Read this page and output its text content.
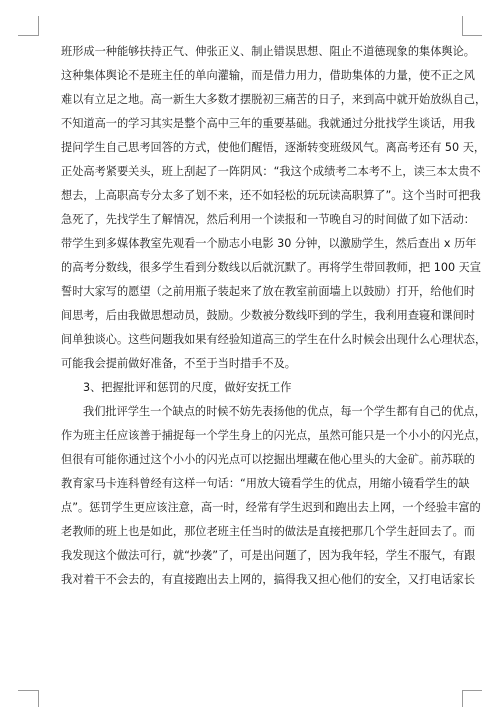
班形成一种能够扶持正气、伸张正义、制止错误思想、阻止不道德现象的集体舆论。
这种集体舆论不是班主任的单向灌输，而是借力用力，借助集体的力量，使不正之风
难以有立足之地。高一新生大多数才摆脱初三痛苦的日子，来到高中就开始放纵自己，
不知道高一的学习其实是整个高中三年的重要基础。我就通过分批找学生谈话，用我
提问学生自己思考回答的方式，使他们醒悟，逐渐转变班级风气。离高考还有 50 天，
正处高考紧要关头，班上刮起了一阵阴风：“我这个成绩考二本考不上，读三本太贵不
想去，上高职高专分太多了划不来，还不如轻松的玩玩读高职算了”。这个当时可把我
急死了，先找学生了解情况，然后利用一个读报和一节晚自习的时间做了如下活动：
带学生到多媒体教室先观看一个励志小电影 30 分钟，以激励学生，然后查出 x 历年
的高考分数线，很多学生看到分数线以后就沉默了。再将学生带回教师，把 100 天宣
誓时大家写的愿望（之前用瓶子装起来了放在教室前面墙上以鼓励）打开，给他们时
间思考，后由我做思想动员，鼓励。少数被分数线吓到的学生，我利用查寝和课间时
间单独谈心。这些问题我如果有经验知道高三的学生在什么时候会出现什么心理状态，
可能我会提前做好准备，不至于当时措手不及。
3、把握批评和惩罚的尺度，做好安抚工作
我们批评学生一个缺点的时候不妨先表扬他的优点，每一个学生都有自己的优点，
作为班主任应该善于捕捉每一个学生身上的闪光点，虽然可能只是一个小小的闪光点，
但很有可能你通过这个小小的闪光点可以挖掘出埋藏在他心里头的大金矿。前苏联的
教育家马卡连科曾经有这样一句话：“用放大镜看学生的优点，用缩小镜看学生的缺
点”。惩罚学生更应该注意，高一时，经常有学生迟到和跑出去上网，一个经验丰富的
老教师的班上也是如此，那位老班主任当时的做法是直接把那几个学生赶回去了。而
我发现这个做法可行，就“抄袭”了，可是出问题了，因为我年轻，学生不服气，有跟
我对着干不会去的，有直接跑出去上网的，搞得我又担心他们的安全，又打电话家长
